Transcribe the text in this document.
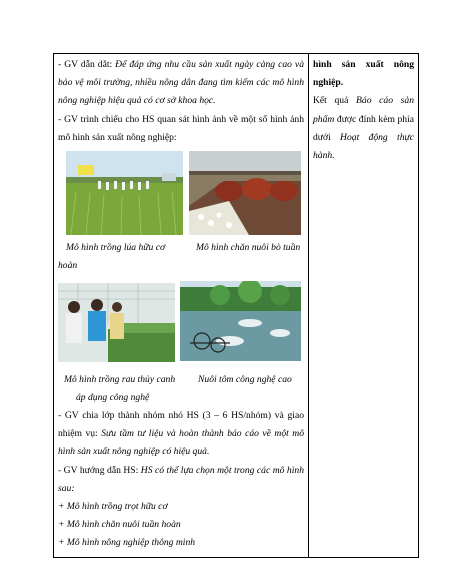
- GV dẫn dắt: Để đáp ứng nhu cầu sản xuất ngày càng cao và bảo vệ môi trường, nhiều nông dân đang tìm kiếm các mô hình nông nghiệp hiệu quả có cơ sở khoa học.

- GV trình chiếu cho HS quan sát hình ảnh về một số hình ảnh mô hình sản xuất nông nghiệp:

Mô hình trồng lúa hữu cơ	Mô hình chăn nuôi bò tuần
hoàn
Mô hình trồng rau thủy canh Nuôi tôm công nghệ cao
áp dụng công nghệ

- GV chia lớp thành nhóm nhỏ HS (3 – 6 HS/nhóm) và giao nhiệm vụ: Sưu tầm tư liệu và hoàn thành báo cáo về một mô hình sản xuất nông nghiệp có hiệu quả.

- GV hướng dẫn HS: HS có thể lựa chọn một trong các mô hình sau:

+ Mô hình trồng trọt hữu cơ

+ Mô hình chăn nuôi tuần hoàn

+ Mô hình nông nghiệp thông minh

hình sản xuất nông nghiệp.

Kết quả Báo cáo sản phẩm được đính kèm phía dưới Hoạt động thực hành.
